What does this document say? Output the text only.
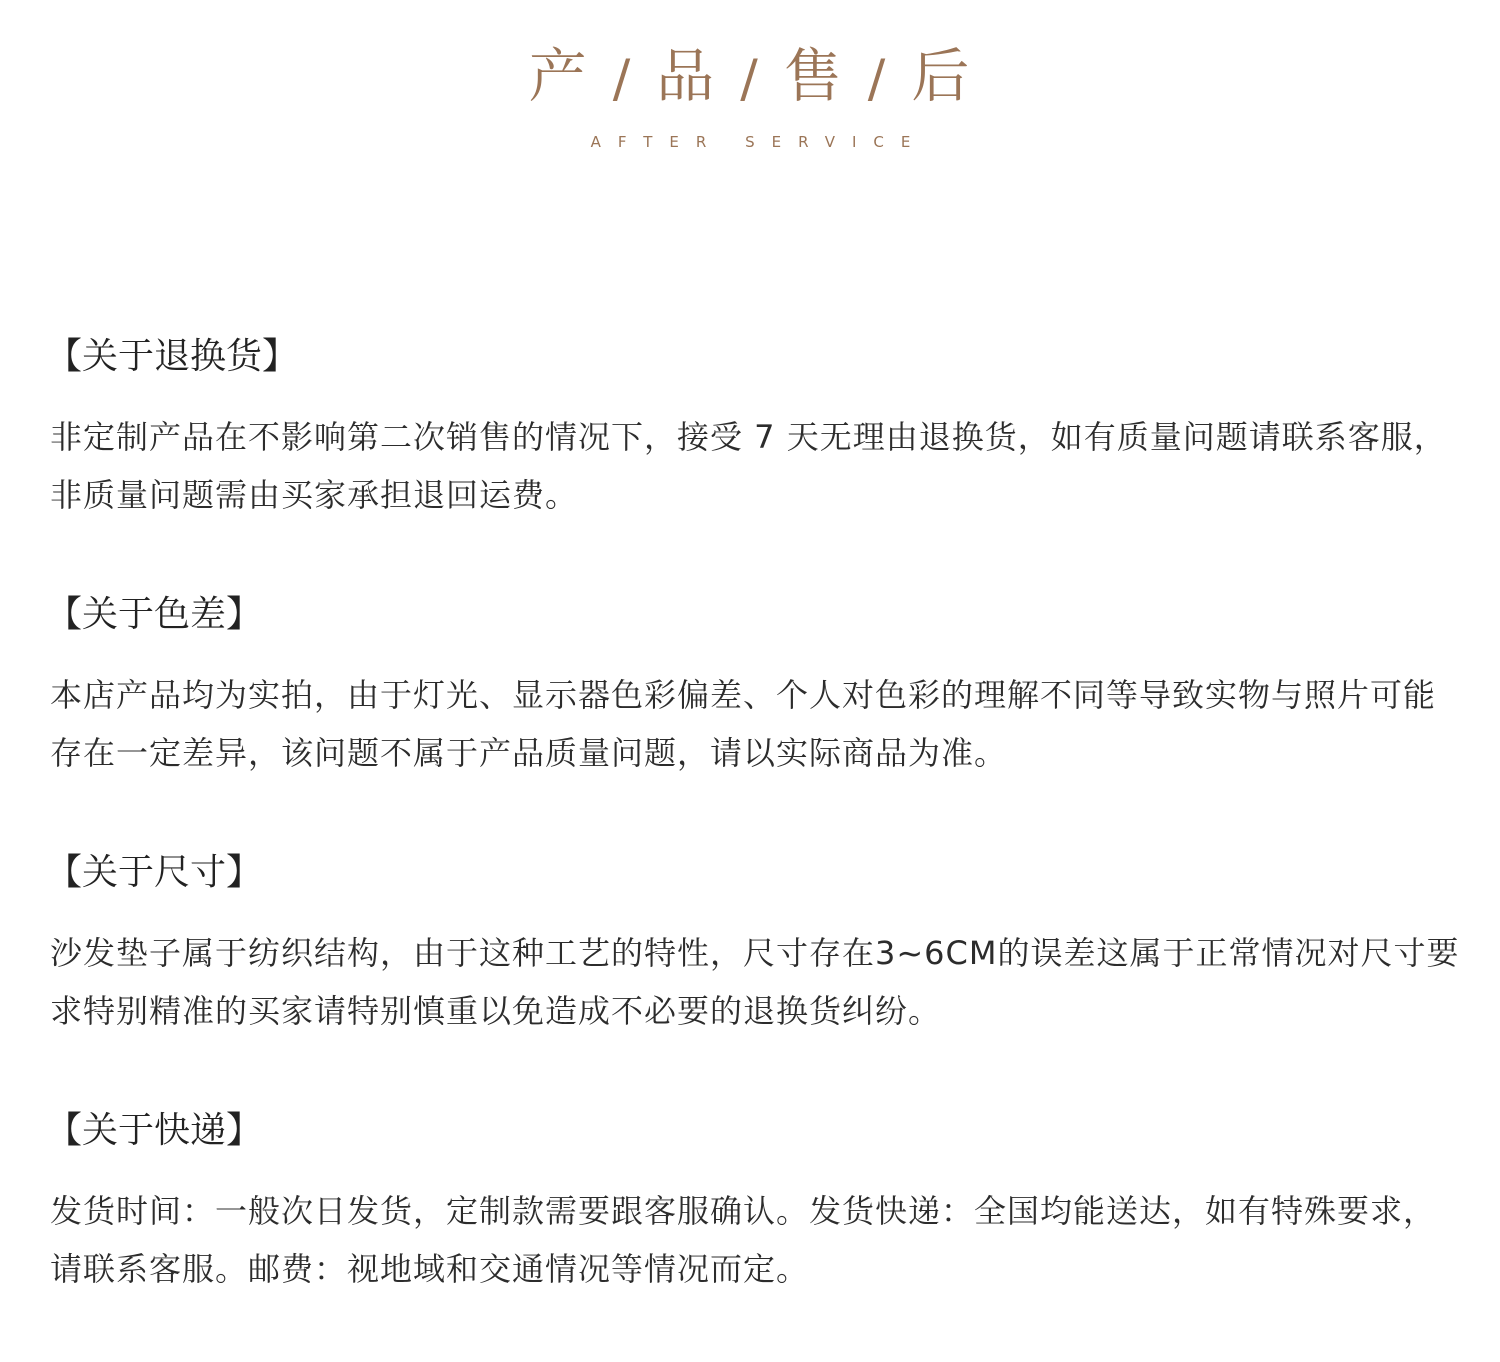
产 / 品 / 售 / 后
AFTER SERVICE
【关于退换货】
非定制产品在不影响第二次销售的情况下，接受 7 天无理由退换货，如有质量问题请联系客服，非质量问题需由买家承担退回运费。
【关于色差】
本店产品均为实拍，由于灯光、显示器色彩偏差、个人对色彩的理解不同等导致实物与照片可能存在一定差异，该问题不属于产品质量问题，请以实际商品为准。
【关于尺寸】
沙发垫子属于纺织结构，由于这种工艺的特性，尺寸存在3~6CM的误差这属于正常情况对尺寸要求特别精准的买家请特别慎重以免造成不必要的退换货纠纷。
【关于快递】
发货时间：一般次日发货，定制款需要跟客服确认。发货快递：全国均能送达，如有特殊要求，请联系客服。邮费：视地域和交通情况等情况而定。
